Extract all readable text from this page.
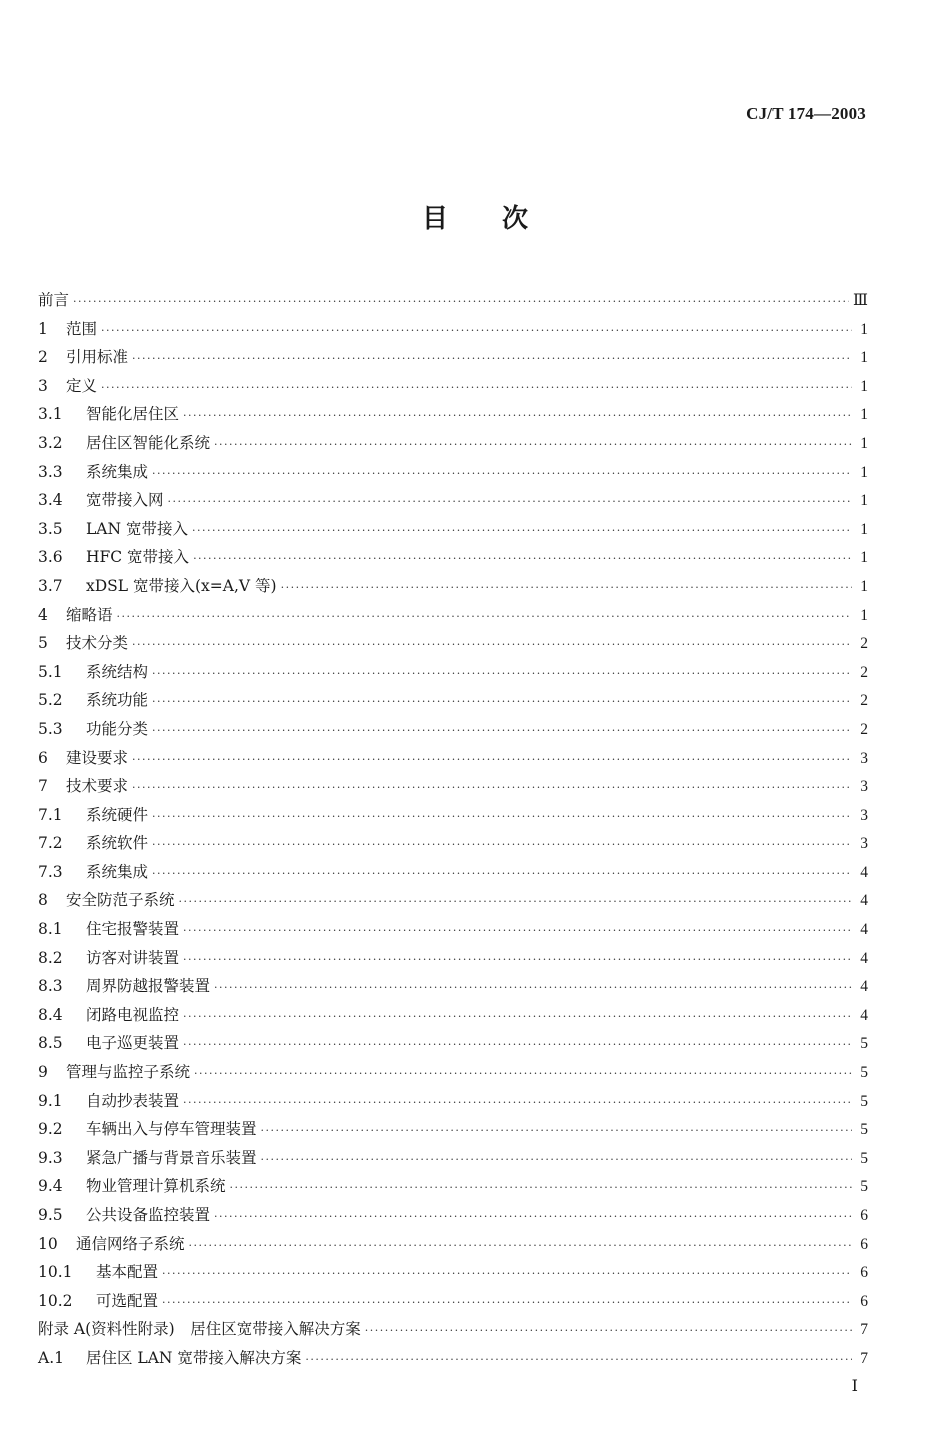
CJ/T 174—2003
目 次
前言 ·····	Ⅲ
1	范围 ·····	1
2	引用标准 ·····	1
3	定义 ·····	1
3.1	智能化居住区 ·····	1
3.2	居住区智能化系统 ·····	1
3.3	系统集成 ·····	1
3.4	宽带接入网 ·····	1
3.5	LAN 宽带接入 ·····	1
3.6	HFC 宽带接入 ·····	1
3.7	xDSL 宽带接入(x=A,V 等) ·····	1
4	缩略语 ·····	1
5	技术分类 ·····	2
5.1	系统结构 ·····	2
5.2	系统功能 ·····	2
5.3	功能分类 ·····	2
6	建设要求 ·····	3
7	技术要求 ·····	3
7.1	系统硬件 ·····	3
7.2	系统软件 ·····	3
7.3	系统集成 ·····	4
8	安全防范子系统 ·····	4
8.1	住宅报警装置 ·····	4
8.2	访客对讲装置 ·····	4
8.3	周界防越报警装置 ·····	4
8.4	闭路电视监控 ·····	4
8.5	电子巡更装置 ·····	5
9	管理与监控子系统 ·····	5
9.1	自动抄表装置 ·····	5
9.2	车辆出入与停车管理装置 ·····	5
9.3	紧急广播与背景音乐装置 ·····	5
9.4	物业管理计算机系统 ·····	5
9.5	公共设备监控装置 ·····	6
10	通信网络子系统 ·····	6
10.1	基本配置 ·····	6
10.2	可选配置 ·····	6
附录 A(资料性附录)　居住区宽带接入解决方案 ·····	7
A.1	居住区 LAN 宽带接入解决方案 ·····	7
Ⅰ
